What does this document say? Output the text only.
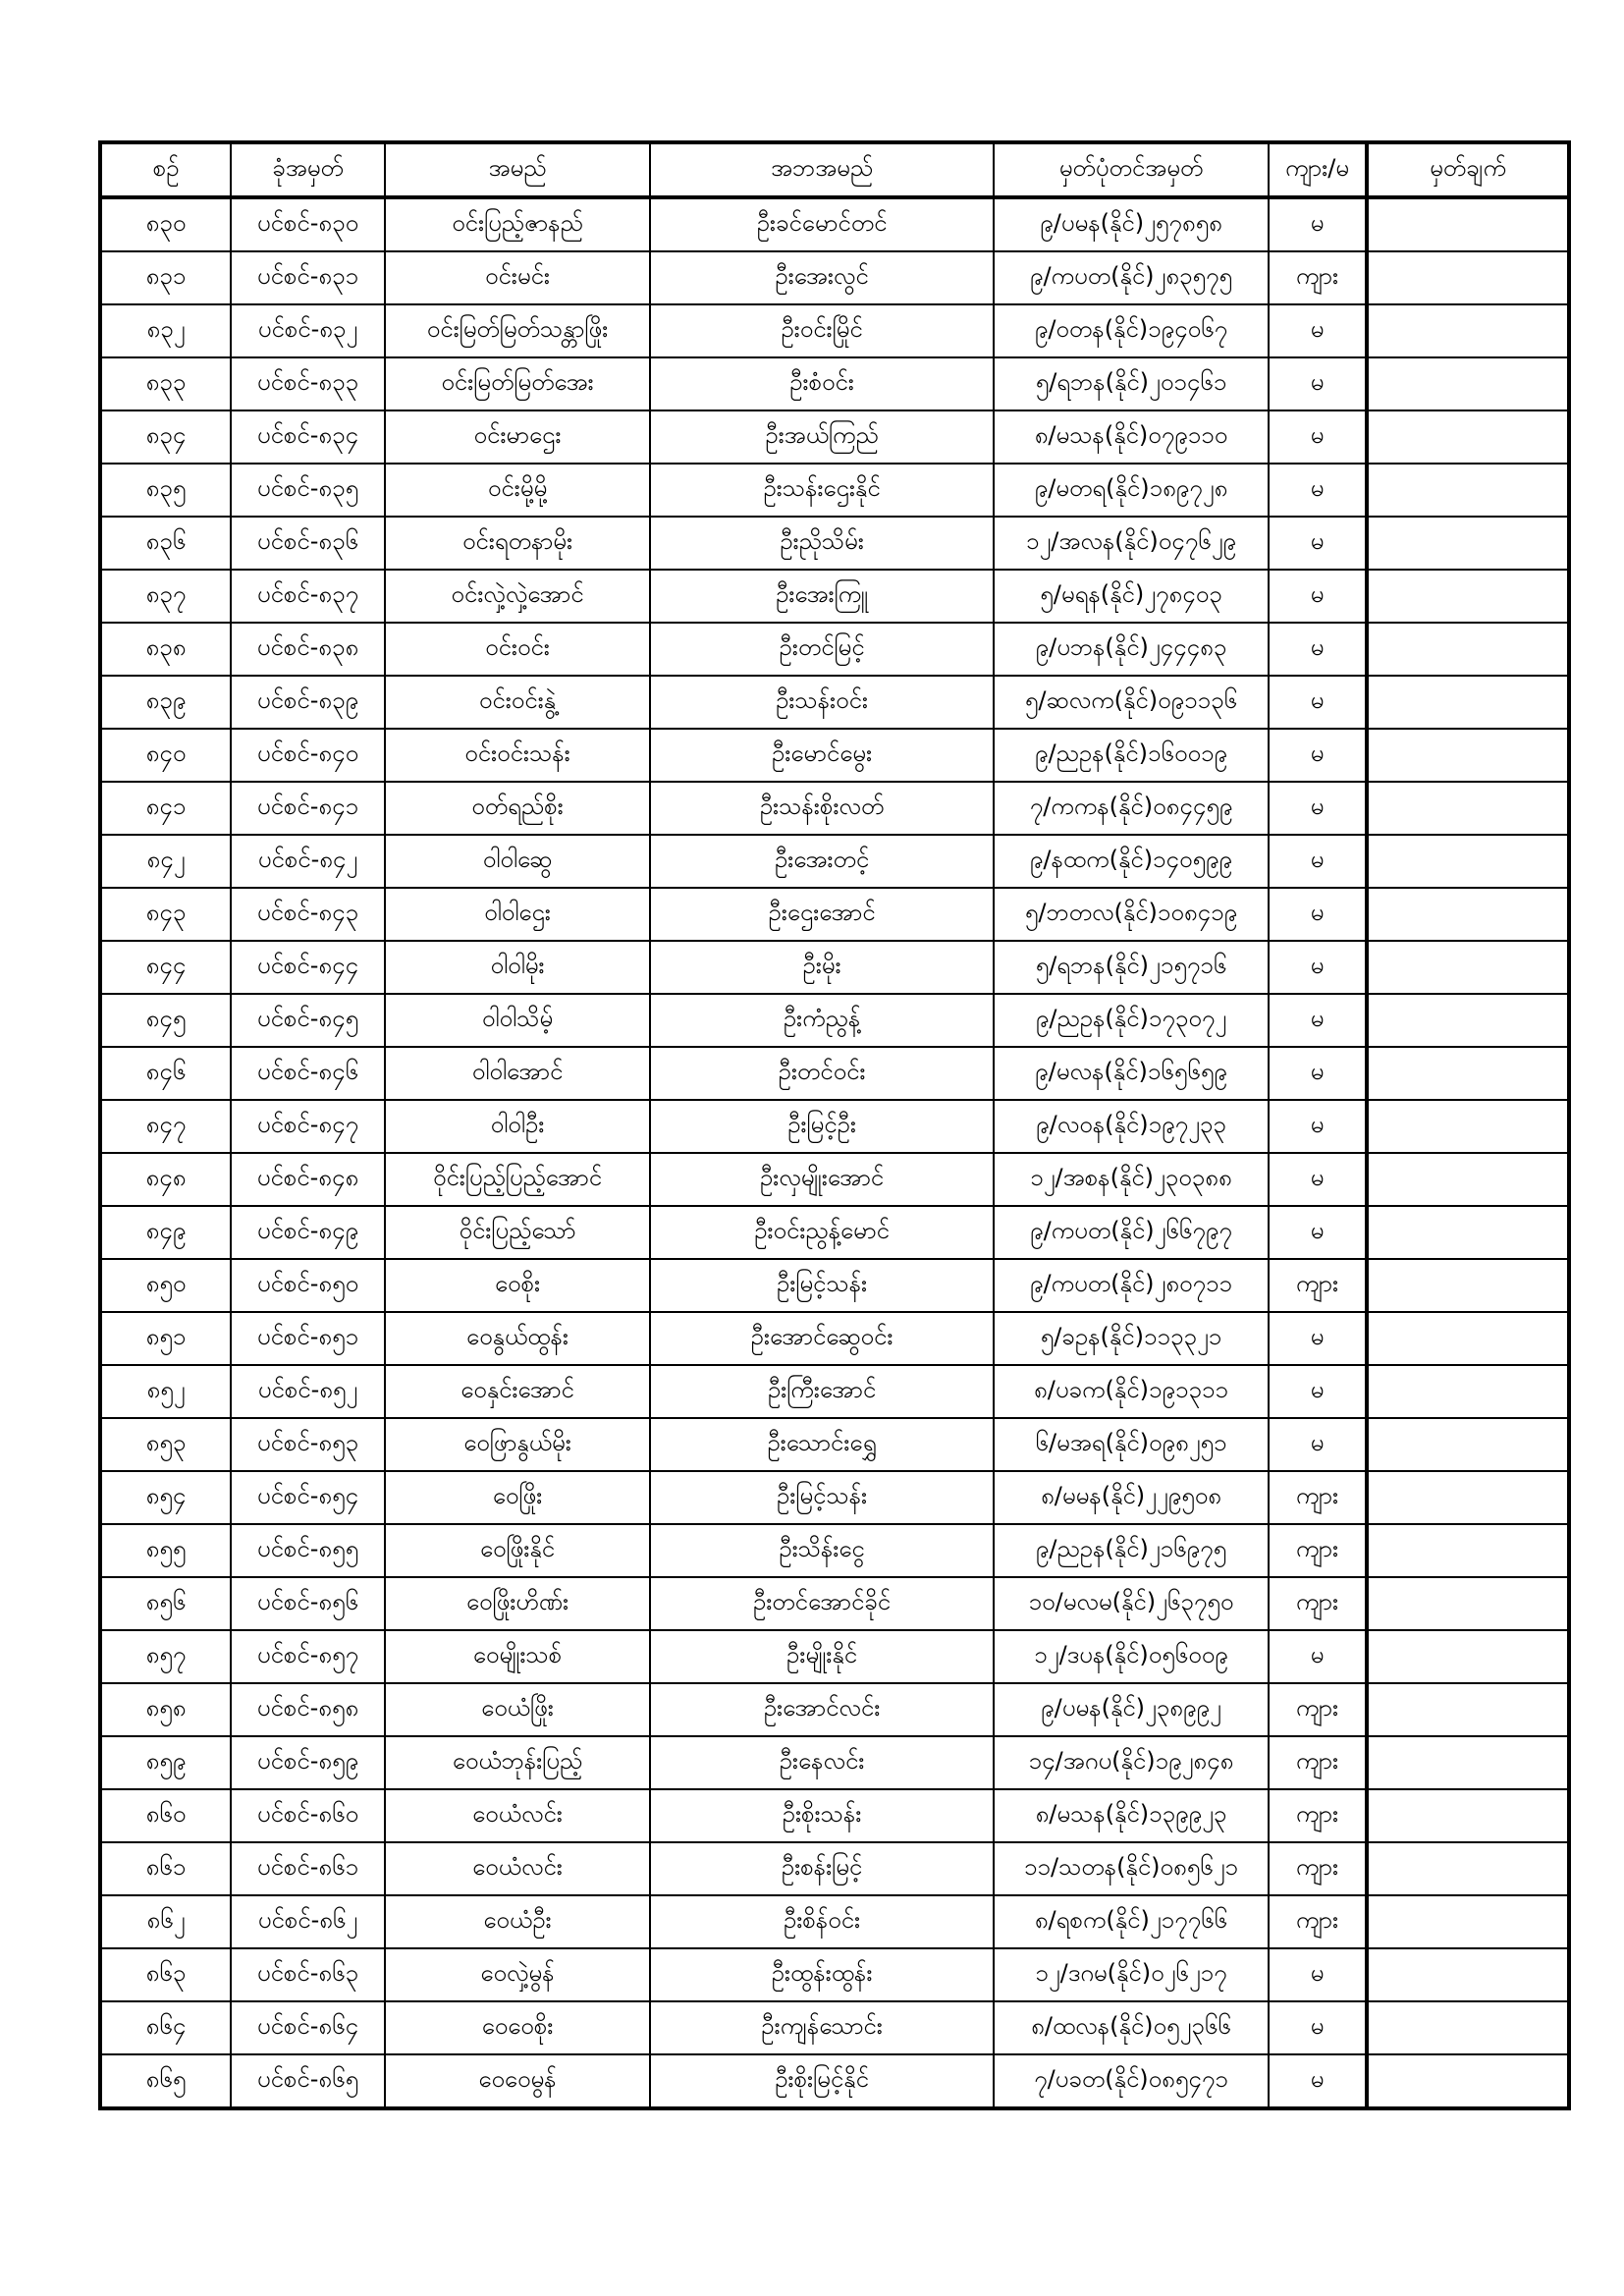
စဉ်	ခုံအမှတ်	အမည်	အဘအမည်	မှတ်ပုံတင်အမှတ်	ကျား/မ	မှတ်ချက်
၈၃၀	ပင်စင်-၈၃၀	ဝင်းပြည့်ဇာနည်	ဦးခင်မောင်တင်	၉/ပမန(နိုင်)၂၅၇၈၅၈	မ	
၈၃၁	ပင်စင်-၈၃၁	ဝင်းမင်း	ဦးအေးလွင်	၉/ကပတ(နိုင်)၂၈၃၅၇၅	ကျား	
၈၃၂	ပင်စင်-၈၃၂	ဝင်းမြတ်မြတ်သန္တာဖြိုး	ဦးဝင်းမြိုင်	၉/ဝတန(နိုင်)၁၉၄၀၆၇	မ	
၈၃၃	ပင်စင်-၈၃၃	ဝင်းမြတ်မြတ်အေး	ဦးစံဝင်း	၅/ရဘန(နိုင်)၂၀၁၄၆၁	မ	
၈၃၄	ပင်စင်-၈၃၄	ဝင်းမာဌေး	ဦးအယ်ကြည်	၈/မသန(နိုင်)၀၇၉၁၁၀	မ	
၈၃၅	ပင်စင်-၈၃၅	ဝင်းမို့မို့	ဦးသန်းဌေးနိုင်	၉/မတရ(နိုင်)၁၈၉၇၂၈	မ	
၈၃၆	ပင်စင်-၈၃၆	ဝင်းရတနာမိုး	ဦးညိုသိမ်း	၁၂/အလန(နိုင်)၀၄၇၆၂၉	မ	
၈၃၇	ပင်စင်-၈၃၇	ဝင်းလှဲ့လှဲ့အောင်	ဦးအေးကြူ	၅/မရန(နိုင်)၂၇၈၄၀၃	မ	
၈၃၈	ပင်စင်-၈၃၈	ဝင်းဝင်း	ဦးတင်မြင့်	၉/ပဘန(နိုင်)၂၄၄၄၈၃	မ	
၈၃၉	ပင်စင်-၈၃၉	ဝင်းဝင်းနွဲ့	ဦးသန်းဝင်း	၅/ဆလက(နိုင်)၀၉၁၁၃၆	မ	
၈၄၀	ပင်စင်-၈၄၀	ဝင်းဝင်းသန်း	ဦးမောင်မွေး	၉/ညဥန(နိုင်)၁၆၀၀၁၉	မ	
၈၄၁	ပင်စင်-၈၄၁	ဝတ်ရည်စိုး	ဦးသန်းစိုးလတ်	၇/ကကန(နိုင်)၀၈၄၄၅၉	မ	
၈၄၂	ပင်စင်-၈၄၂	ဝါဝါဆွေ	ဦးအေးတင့်	၉/နထက(နိုင်)၁၄၀၅၉၉	မ	
၈၄၃	ပင်စင်-၈၄၃	ဝါဝါဌေး	ဦးဌေးအောင်	၅/ဘတလ(နိုင်)၁၀၈၄၁၉	မ	
၈၄၄	ပင်စင်-၈၄၄	ဝါဝါမိုး	ဦးမိုး	၅/ရဘန(နိုင်)၂၁၅၇၁၆	မ	
၈၄၅	ပင်စင်-၈၄၅	ဝါဝါသိမ့်	ဦးကံညွန့်	၉/ညဥန(နိုင်)၁၇၃၀၇၂	မ	
၈၄၆	ပင်စင်-၈၄၆	ဝါဝါအောင်	ဦးတင်ဝင်း	၉/မလန(နိုင်)၁၆၅၆၅၉	မ	
၈၄၇	ပင်စင်-၈၄၇	ဝါဝါဦး	ဦးမြင့်ဦး	၉/လဝန(နိုင်)၁၉၇၂၃၃	မ	
၈၄၈	ပင်စင်-၈၄၈	ဝိုင်းပြည့်ပြည့်အောင်	ဦးလှမျိုးအောင်	၁၂/အစန(နိုင်)၂၃၀၃၈၈	မ	
၈၄၉	ပင်စင်-၈၄၉	ဝိုင်းပြည့်သော်	ဦးဝင်းညွန့်မောင်	၉/ကပတ(နိုင်)၂၆၆၇၉၇	မ	
၈၅၀	ပင်စင်-၈၅၀	ဝေစိုး	ဦးမြင့်သန်း	၉/ကပတ(နိုင်)၂၈၀၇၁၁	ကျား	
၈၅၁	ပင်စင်-၈၅၁	ဝေနွယ်ထွန်း	ဦးအောင်ဆွေဝင်း	၅/ခဥန(နိုင်)၁၁၃၃၂၁	မ	
၈၅၂	ပင်စင်-၈၅၂	ဝေနှင်းအောင်	ဦးကြီးအောင်	၈/ပခက(နိုင်)၁၉၁၃၁၁	မ	
၈၅၃	ပင်စင်-၈၅၃	ဝေဖြာနွယ်မိုး	ဦးသောင်းရွှေ	၆/မအရ(နိုင်)၀၉၈၂၅၁	မ	
၈၅၄	ပင်စင်-၈၅၄	ဝေဖြိုး	ဦးမြင့်သန်း	၈/မမန(နိုင်)၂၂၉၅၀၈	ကျား	
၈၅၅	ပင်စင်-၈၅၅	ဝေဖြိုးနိုင်	ဦးသိန်းငွေ	၉/ညဥန(နိုင်)၂၁၆၉၇၅	ကျား	
၈၅၆	ပင်စင်-၈၅၆	ဝေဖြိုးဟိဏ်း	ဦးတင်အောင်ခိုင်	၁၀/မလမ(နိုင်)၂၆၃၇၅၀	ကျား	
၈၅၇	ပင်စင်-၈၅၇	ဝေမျိုးသစ်	ဦးမျိုးနိုင်	၁၂/ဒပန(နိုင်)၀၅၆၀၀၉	မ	
၈၅၈	ပင်စင်-၈၅၈	ဝေယံဖြိုး	ဦးအောင်လင်း	၉/ပမန(နိုင်)၂၃၈၉၉၂	ကျား	
၈၅၉	ပင်စင်-၈၅၉	ဝေယံဘုန်းပြည့်	ဦးနေလင်း	၁၄/အဂပ(နိုင်)၁၉၂၈၄၈	ကျား	
၈၆၀	ပင်စင်-၈၆၀	ဝေယံလင်း	ဦးစိုးသန်း	၈/မသန(နိုင်)၁၃၉၉၂၃	ကျား	
၈၆၁	ပင်စင်-၈၆၁	ဝေယံလင်း	ဦးစန်းမြင့်	၁၁/သတန(နိုင်)၀၈၅၆၂၁	ကျား	
၈၆၂	ပင်စင်-၈၆၂	ဝေယံဦး	ဦးစိန်ဝင်း	၈/ရစက(နိုင်)၂၁၇၇၆၆	ကျား	
၈၆၃	ပင်စင်-၈၆၃	ဝေလှဲ့မွန်	ဦးထွန်းထွန်း	၁၂/ဒဂမ(နိုင်)၀၂၆၂၁၇	မ	
၈၆၄	ပင်စင်-၈၆၄	ဝေဝေစိုး	ဦးကျန်သောင်း	၈/ထလန(နိုင်)၀၅၂၃၆၆	မ	
၈၆၅	ပင်စင်-၈၆၅	ဝေဝေမွန်	ဦးစိုးမြင့်နိုင်	၇/ပခတ(နိုင်)၀၈၅၄၇၁	မ	
